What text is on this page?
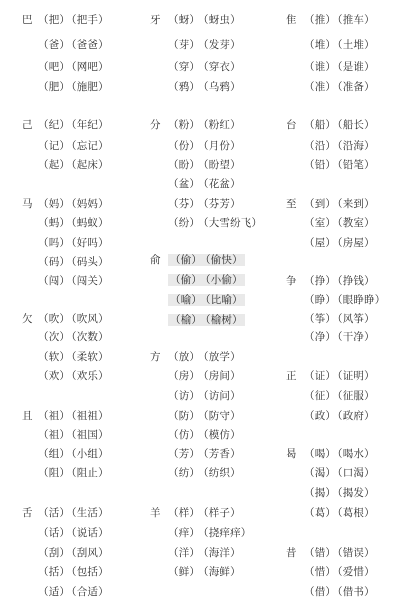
巴 （把）（把手）
（爸）（爸爸）
（吧）（网吧）
（肥）（施肥）
己 （纪）（年纪）
（记）（忘记）
（起）（起床）
马 （妈）（妈妈）
（蚂）（蚂蚁）
（吗）（好吗）
（码）（码头）
（闯）（闯关）
欠 （吹）（吹风）
（次）（次数）
（软）（柔软）
（欢）（欢乐）
且 （祖）（祖祖）
（祖）（祖国）
（组）（小组）
（阻）（阻止）
舌 （活）（生活）
（话）（说话）
（刮）（刮风）
（括）（包括）
（适）（合适）
牙 （蚜）（蚜虫）
（芽）（发芽）
（穿）（穿衣）
（鸦）（乌鸦）
分 （粉）（粉红）
（份）（月份）
（盼）（盼望）
（盆）（花盆）
（芬）（芬芳）
（纷）（大雪纷飞）
俞 （偷）（偷快）
（偷）（小偷）
（喻）（比喻）
（榆）（榆树）
方 （放）（放学）
（房）（房间）
（访）（访问）
（防）（防守）
（仿）（模仿）
（芳）（芳香）
（纺）（纺织）
羊 （样）（样子）
（痒）（挠痒痒）
（洋）（海洋）
（鲜）（海鲜）
隹 （推）（推车）
（堆）（土堆）
（谁）（是谁）
（准）（准备）
台 （船）（船长）
（沿）（沿海）
（铅）（铅笔）
至 （到）（来到）
（室）（教室）
（屋）（房屋）
争 （挣）（挣钱）
（睁）（眼睁睁）
（筝）（风筝）
（净）（干净）
正 （证）（证明）
（征）（征服）
（政）（政府）
曷 （喝）（喝水）
（渴）（口渴）
（揭）（揭发）
（葛）（葛根）
昔 （错）（错误）
（惜）（爱惜）
（借）（借书）
